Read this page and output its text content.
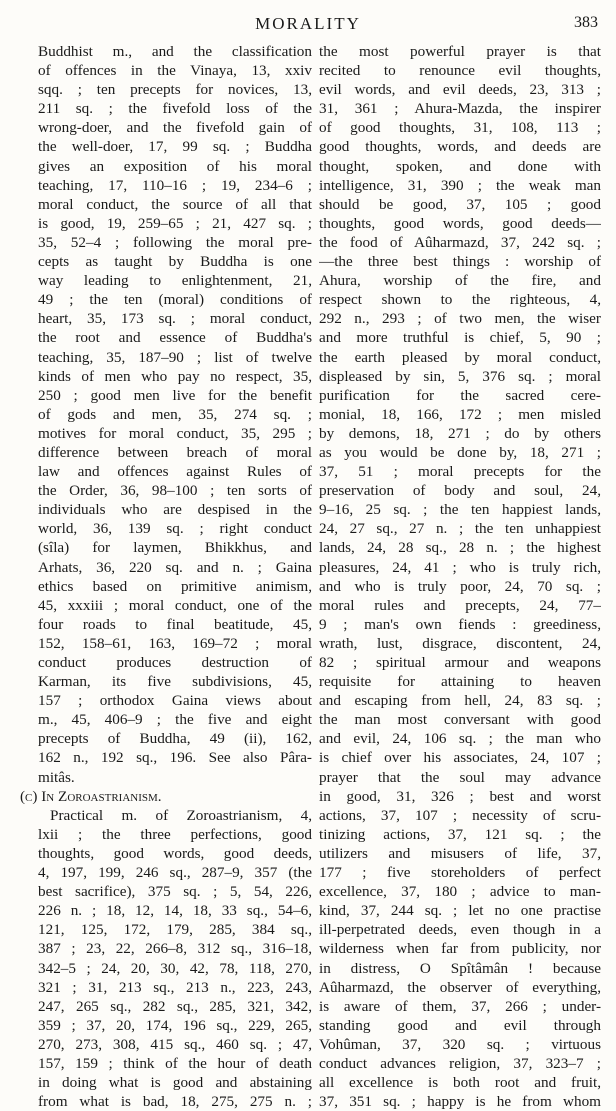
MORALITY	383
Buddhist m., and the classification
of offences in the Vinaya, 13, xxiv
sqq. ; ten precepts for novices, 13,
211 sq. ; the fivefold loss of the
wrong-doer, and the fivefold gain of
the well-doer, 17, 99 sq. ; Buddha
gives an exposition of his moral
teaching, 17, 110–16 ; 19, 234–6 ;
moral conduct, the source of all that
is good, 19, 259–65 ; 21, 427 sq. ;
35, 52–4 ; following the moral pre-
cepts as taught by Buddha is one
way leading to enlightenment, 21,
49 ; the ten (moral) conditions of
heart, 35, 173 sq. ; moral conduct,
the root and essence of Buddha's
teaching, 35, 187–90 ; list of twelve
kinds of men who pay no respect, 35,
250 ; good men live for the benefit
of gods and men, 35, 274 sq. ;
motives for moral conduct, 35, 295 ;
difference between breach of moral
law and offences against Rules of
the Order, 36, 98–100 ; ten sorts of
individuals who are despised in the
world, 36, 139 sq. ; right conduct
(sîla) for laymen, Bhikkhus, and
Arhats, 36, 220 sq. and n. ; Gaina
ethics based on primitive animism,
45, xxxiii ; moral conduct, one of the
four roads to final beatitude, 45,
152, 158–61, 163, 169–72 ; moral
conduct produces destruction of
Karman, its five subdivisions, 45,
157 ; orthodox Gaina views about
m., 45, 406–9 ; the five and eight
precepts of Buddha, 49 (ii), 162,
162 n., 192 sq., 196. See also Pâra-
mitâs.
(c) In Zoroastrianism.
Practical m. of Zoroastrianism, 4,
lxii ; the three perfections, good
thoughts, good words, good deeds,
4, 197, 199, 246 sq., 287–9, 357 (the
best sacrifice), 375 sq. ; 5, 54, 226,
226 n. ; 18, 12, 14, 18, 33 sq., 54–6,
121, 125, 172, 179, 285, 384 sq.,
387 ; 23, 22, 266–8, 312 sq., 316–18,
342–5 ; 24, 20, 30, 42, 78, 118, 270,
321 ; 31, 213 sq., 213 n., 223, 243,
247, 265 sq., 282 sq., 285, 321, 342,
359 ; 37, 20, 174, 196 sq., 229, 265,
270, 273, 308, 415 sq., 460 sq. ; 47,
157, 159 ; think of the hour of death
in doing what is good and abstaining
from what is bad, 18, 275, 275 n. ;
the most powerful prayer is that
recited to renounce evil thoughts,
evil words, and evil deeds, 23, 313 ;
31, 361 ; Ahura-Mazda, the inspirer
of good thoughts, 31, 108, 113 ;
good thoughts, words, and deeds are
thought, spoken, and done with
intelligence, 31, 390 ; the weak man
should be good, 37, 105 ; good
thoughts, good words, good deeds—
the food of Aûharmazd, 37, 242 sq. ;
—the three best things : worship of
Ahura, worship of the fire, and
respect shown to the righteous, 4,
292 n., 293 ; of two men, the wiser
and more truthful is chief, 5, 90 ;
the earth pleased by moral conduct,
displeased by sin, 5, 376 sq. ; moral
purification for the sacred cere-
monial, 18, 166, 172 ; men misled
by demons, 18, 271 ; do by others
as you would be done by, 18, 271 ;
37, 51 ; moral precepts for the
preservation of body and soul, 24,
9–16, 25 sq. ; the ten happiest lands,
24, 27 sq., 27 n. ; the ten unhappiest
lands, 24, 28 sq., 28 n. ; the highest
pleasures, 24, 41 ; who is truly rich,
and who is truly poor, 24, 70 sq. ;
moral rules and precepts, 24, 77–
9 ; man's own fiends : greediness,
wrath, lust, disgrace, discontent, 24,
82 ; spiritual armour and weapons
requisite for attaining to heaven
and escaping from hell, 24, 83 sq. ;
the man most conversant with good
and evil, 24, 106 sq. ; the man who
is chief over his associates, 24, 107 ;
prayer that the soul may advance
in good, 31, 326 ; best and worst
actions, 37, 107 ; necessity of scru-
tinizing actions, 37, 121 sq. ; the
utilizers and misusers of life, 37,
177 ; five storeholders of perfect
excellence, 37, 180 ; advice to man-
kind, 37, 244 sq. ; let no one practise
ill-perpetrated deeds, even though in a
wilderness when far from publicity, nor
in distress, O Spîtâmân ! because
Aûharmazd, the observer of everything,
is aware of them, 37, 266 ; under-
standing good and evil through
Vohûman, 37, 320 sq. ; virtuous
conduct advances religion, 37, 323–7 ;
all excellence is both root and fruit,
37, 351 sq. ; happy is he from whom
